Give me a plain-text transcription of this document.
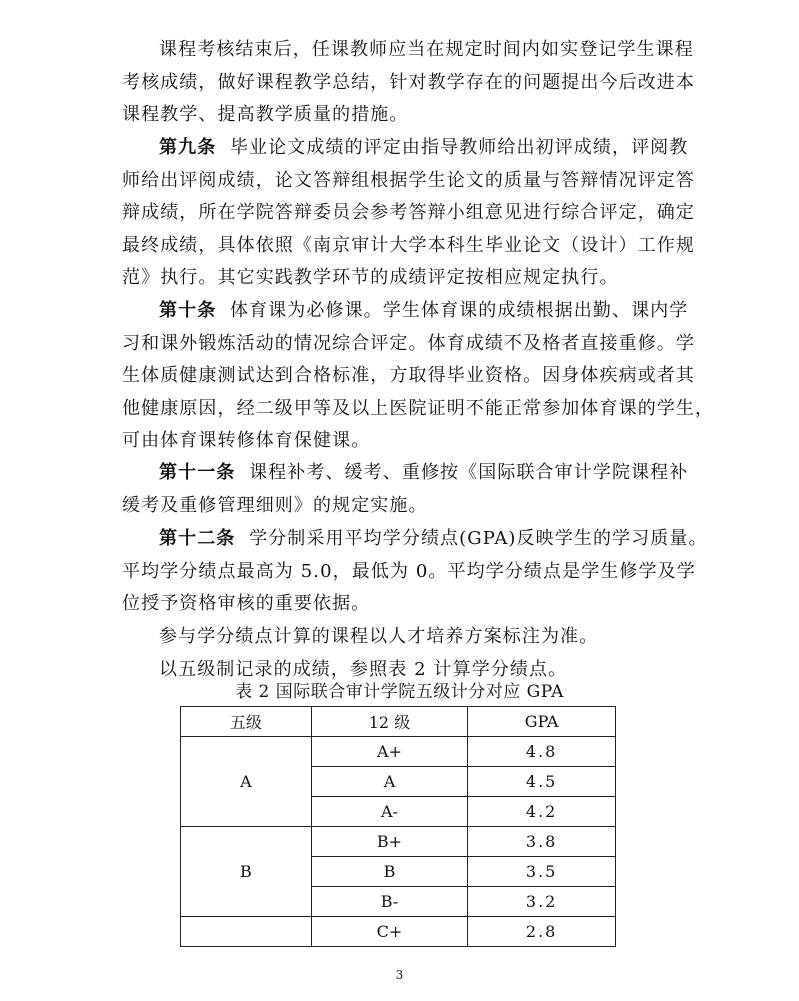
课程考核结束后，任课教师应当在规定时间内如实登记学生课程
考核成绩，做好课程教学总结，针对教学存在的问题提出今后改进本
课程教学、提高教学质量的措施。

第九条 毕业论文成绩的评定由指导教师给出初评成绩，评阅教
师给出评阅成绩，论文答辩组根据学生论文的质量与答辩情况评定答
辩成绩，所在学院答辩委员会参考答辩小组意见进行综合评定，确定
最终成绩，具体依照《南京审计大学本科生毕业论文（设计）工作规
范》执行。其它实践教学环节的成绩评定按相应规定执行。

第十条 体育课为必修课。学生体育课的成绩根据出勤、课内学
习和课外锻炼活动的情况综合评定。体育成绩不及格者直接重修。学
生体质健康测试达到合格标准，方取得毕业资格。因身体疾病或者其
他健康原因，经二级甲等及以上医院证明不能正常参加体育课的学生，
可由体育课转修体育保健课。

第十一条 课程补考、缓考、重修按《国际联合审计学院课程补
缓考及重修管理细则》的规定实施。

第十二条 学分制采用平均学分绩点(GPA)反映学生的学习质量。
平均学分绩点最高为 5.0，最低为 0。平均学分绩点是学生修学及学
位授予资格审核的重要依据。

参与学分绩点计算的课程以人才培养方案标注为准。

以五级制记录的成绩，参照表 2 计算学分绩点。

表 2 国际联合审计学院五级计分对应 GPA
五级	12 级	GPA
A	A+	4.8
	A	4.5
	A-	4.2
B	B+	3.8
	B	3.5
	B-	3.2
	C+	2.8
3
